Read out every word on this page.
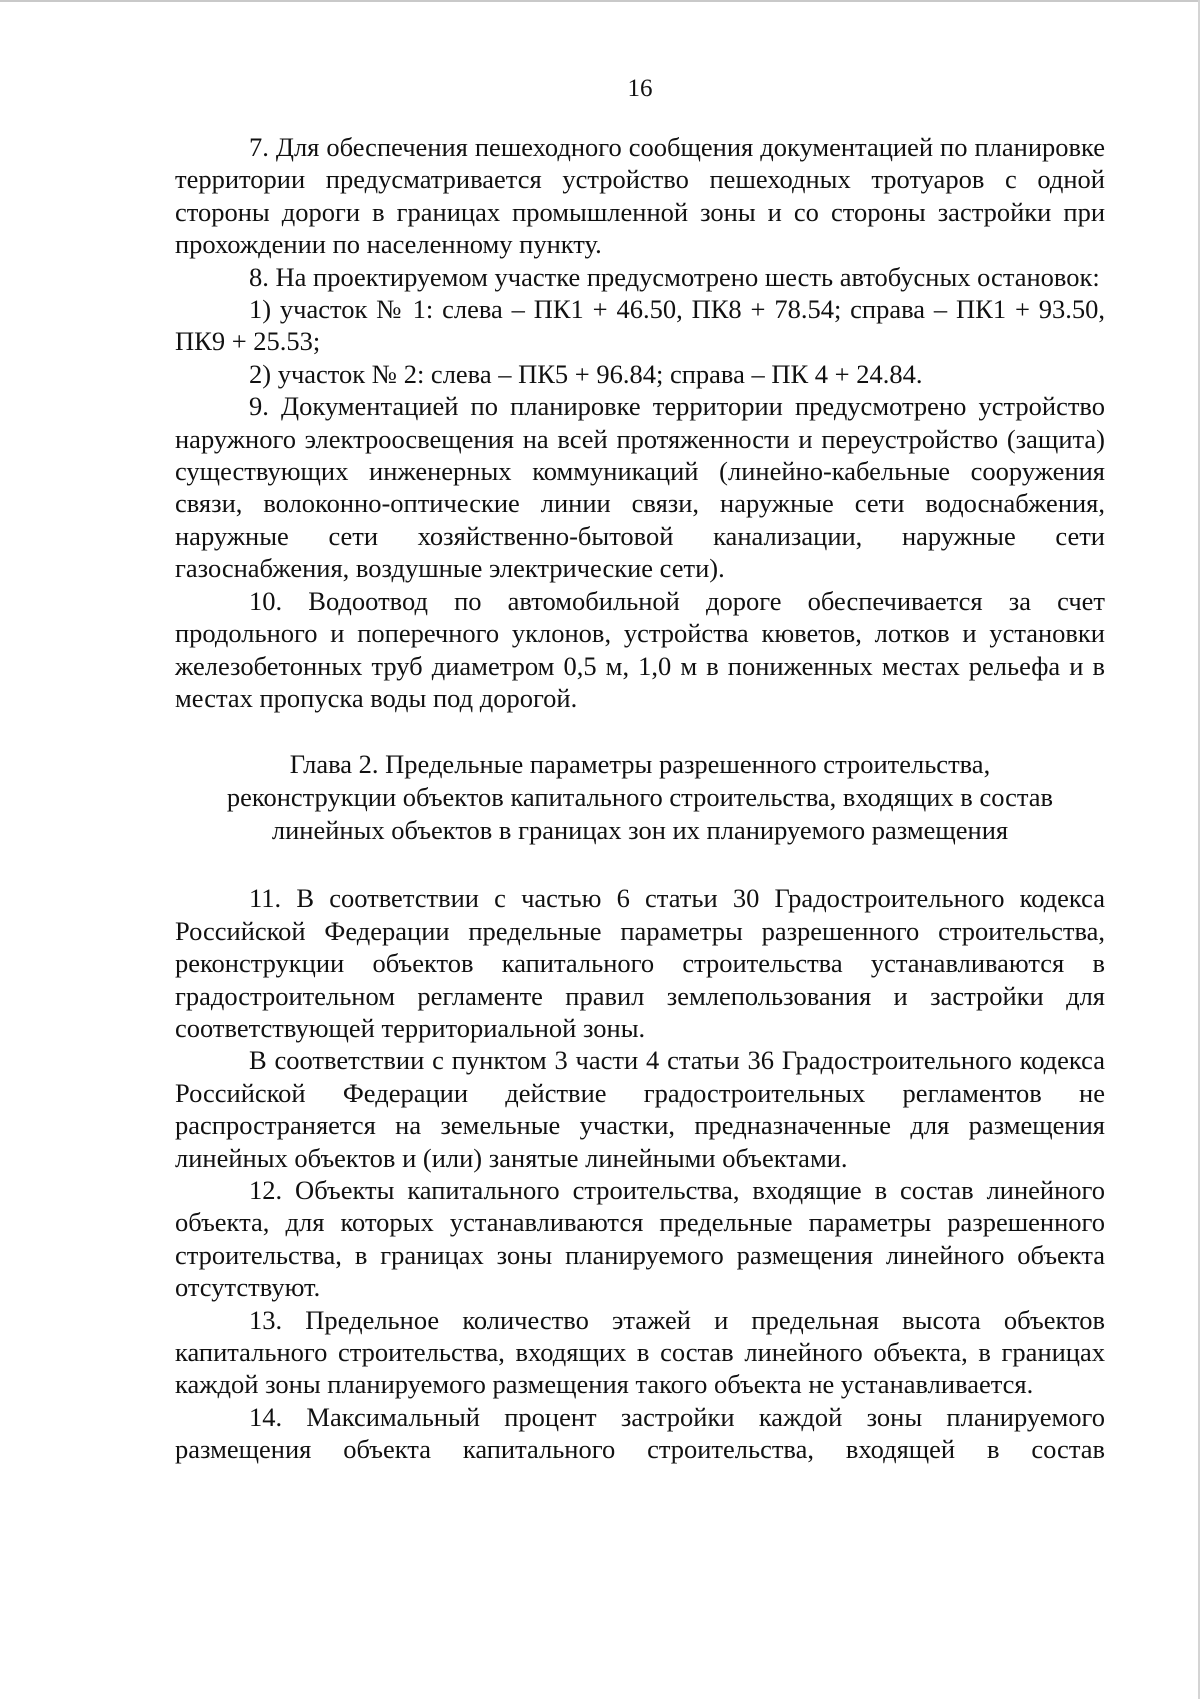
16

7. Для обеспечения пешеходного сообщения документацией по планировке территории предусматривается устройство пешеходных тротуаров с одной стороны дороги в границах промышленной зоны и со стороны застройки при прохождении по населенному пункту.

8. На проектируемом участке предусмотрено шесть автобусных остановок:

1) участок № 1: слева – ПК1 + 46.50, ПК8 + 78.54; справа – ПК1 + 93.50, ПК9 + 25.53;

2) участок № 2: слева – ПК5 + 96.84; справа – ПК 4 + 24.84.

9. Документацией по планировке территории предусмотрено устройство наружного электроосвещения на всей протяженности и переустройство (защита) существующих инженерных коммуникаций (линейно-кабельные сооружения связи, волоконно-оптические линии связи, наружные сети водоснабжения, наружные сети хозяйственно-бытовой канализации, наружные сети газоснабжения, воздушные электрические сети).

10. Водоотвод по автомобильной дороге обеспечивается за счет продольного и поперечного уклонов, устройства кюветов, лотков и установки железобетонных труб диаметром 0,5 м, 1,0 м в пониженных местах рельефа и в местах пропуска воды под дорогой.

Глава 2. Предельные параметры разрешенного строительства,
реконструкции объектов капитального строительства, входящих в состав
линейных объектов в границах зон их планируемого размещения

11. В соответствии с частью 6 статьи 30 Градостроительного кодекса Российской Федерации предельные параметры разрешенного строительства, реконструкции объектов капитального строительства устанавливаются в градостроительном регламенте правил землепользования и застройки для соответствующей территориальной зоны.

В соответствии с пунктом 3 части 4 статьи 36 Градостроительного кодекса Российской Федерации действие градостроительных регламентов не распространяется на земельные участки, предназначенные для размещения линейных объектов и (или) занятые линейными объектами.

12. Объекты капитального строительства, входящие в состав линейного объекта, для которых устанавливаются предельные параметры разрешенного строительства, в границах зоны планируемого размещения линейного объекта отсутствуют.

13. Предельное количество этажей и предельная высота объектов капитального строительства, входящих в состав линейного объекта, в границах каждой зоны планируемого размещения такого объекта не устанавливается.

14. Максимальный процент застройки каждой зоны планируемого размещения объекта капитального строительства, входящей в состав
